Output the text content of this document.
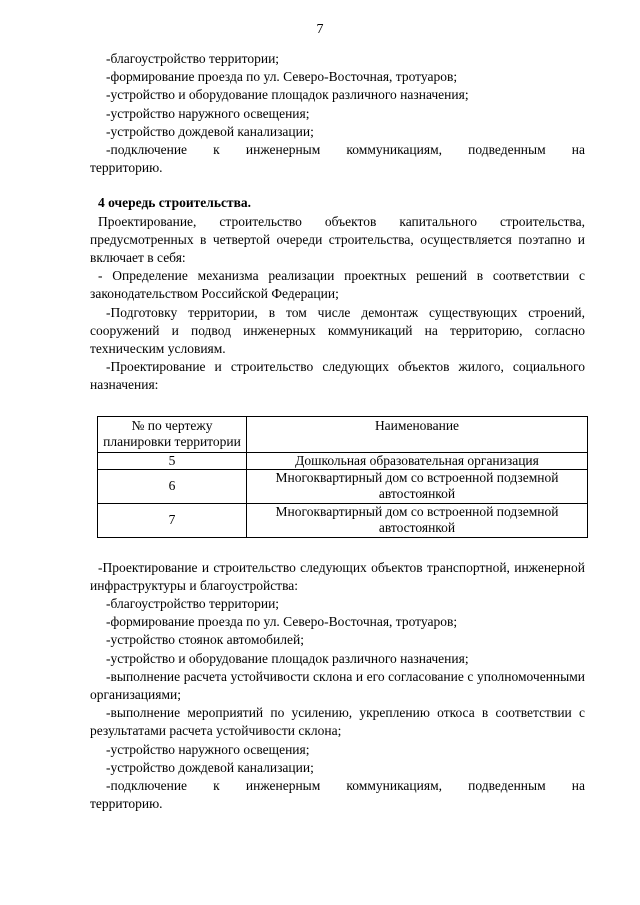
7

-благоустройство территории;

-формирование проезда по ул. Северо-Восточная, тротуаров;

-устройство и оборудование площадок различного назначения;

-устройство наружного освещения;

-устройство дождевой канализации;

-подключение к инженерным коммуникациям, подведенным на

территорию.

4 очередь строительства.

Проектирование, строительство объектов капитального строительства, предусмотренных в четвертой очереди строительства, осуществляется поэтапно и включает в себя:

- Определение механизма реализации проектных решений в соответствии с законодательством Российской Федерации;

-Подготовку территории, в том числе демонтаж существующих строений, сооружений и подвод инженерных коммуникаций на территорию, согласно техническим условиям.

-Проектирование и строительство следующих объектов жилого, социального назначения:

№ по чертежу планировки территории	Наименование
5	Дошкольная образовательная организация
6	Многоквартирный дом со встроенной подземной автостоянкой
7	Многоквартирный дом со встроенной подземной автостоянкой

-Проектирование и строительство следующих объектов транспортной, инженерной инфраструктуры и благоустройства:

-благоустройство территории;

-формирование проезда по ул. Северо-Восточная, тротуаров;

-устройство стоянок автомобилей;

-устройство и оборудование площадок различного назначения;

-выполнение расчета устойчивости склона и его согласование с уполномоченными организациями;

-выполнение мероприятий по усилению, укреплению откоса в соответствии с результатами расчета устойчивости склона;

-устройство наружного освещения;

-устройство дождевой канализации;

-подключение к инженерным коммуникациям, подведенным на

территорию.
